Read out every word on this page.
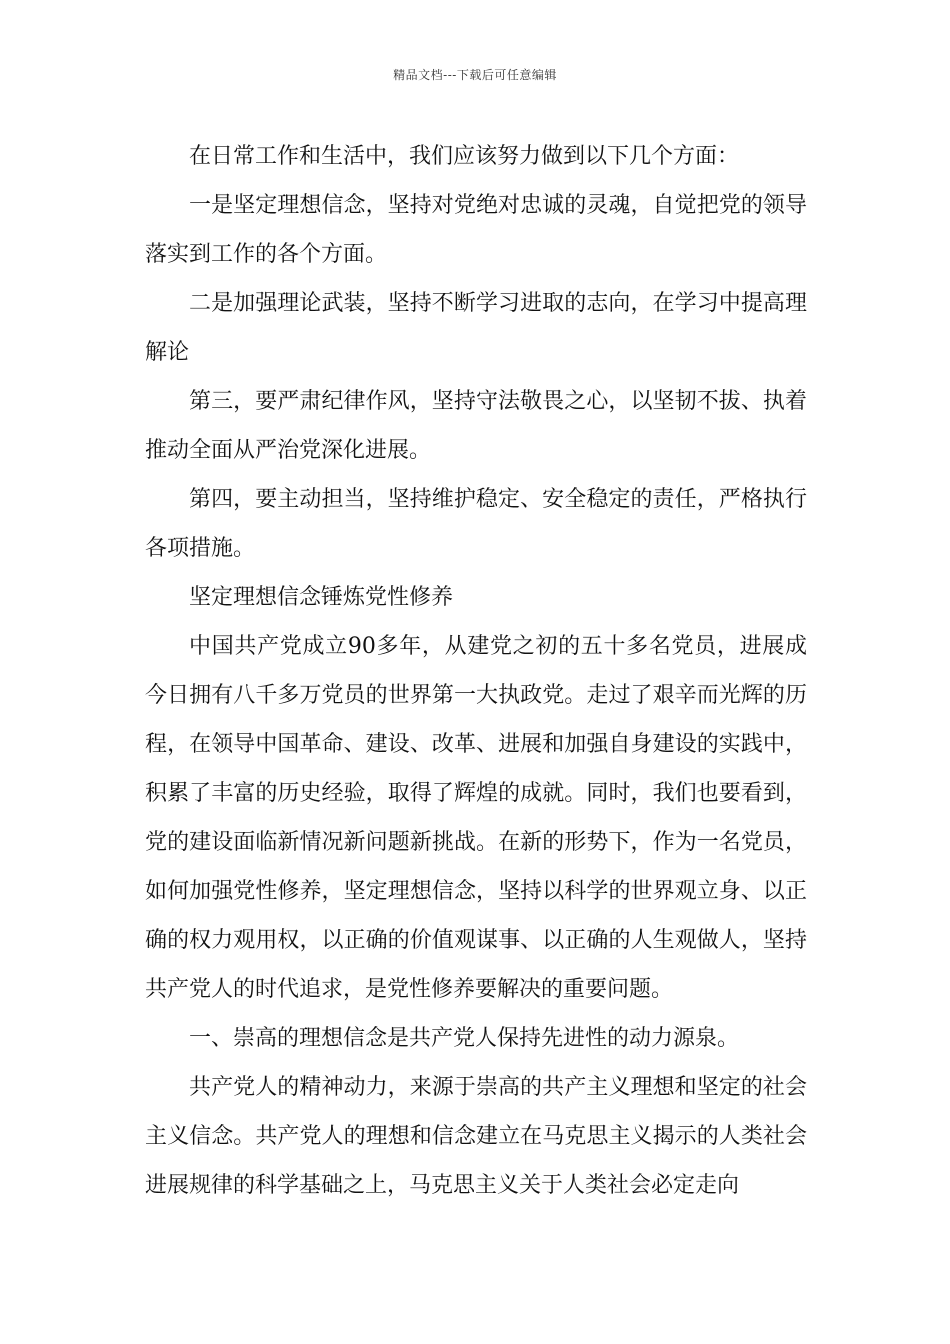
精品文档---下载后可任意编辑

在日常工作和生活中，我们应该努力做到以下几个方面：

一是坚定理想信念，坚持对党绝对忠诚的灵魂，自觉把党的领导落实到工作的各个方面。

二是加强理论武装，坚持不断学习进取的志向，在学习中提高理解论

第三，要严肃纪律作风，坚持守法敬畏之心，以坚韧不拔、执着推动全面从严治党深化进展。

第四，要主动担当，坚持维护稳定、安全稳定的责任，严格执行各项措施。

坚定理想信念锤炼党性修养

中国共产党成立90多年，从建党之初的五十多名党员，进展成今日拥有八千多万党员的世界第一大执政党。走过了艰辛而光辉的历程，在领导中国革命、建设、改革、进展和加强自身建设的实践中，积累了丰富的历史经验，取得了辉煌的成就。同时，我们也要看到，党的建设面临新情况新问题新挑战。在新的形势下，作为一名党员，如何加强党性修养，坚定理想信念，坚持以科学的世界观立身、以正确的权力观用权，以正确的价值观谋事、以正确的人生观做人，坚持共产党人的时代追求，是党性修养要解决的重要问题。

一、崇高的理想信念是共产党人保持先进性的动力源泉。

共产党人的精神动力，来源于崇高的共产主义理想和坚定的社会主义信念。共产党人的理想和信念建立在马克思主义揭示的人类社会进展规律的科学基础之上，马克思主义关于人类社会必定走向
